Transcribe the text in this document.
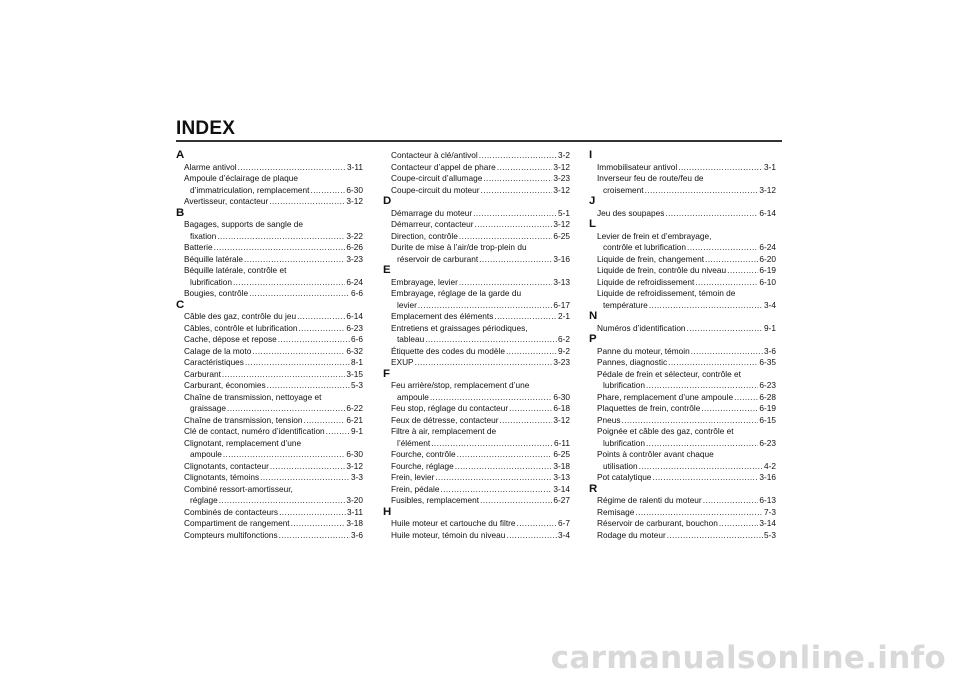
INDEX
A
Alarme antivol .....	3-11
Ampoule d’éclairage de plaque
d’immatriculation, remplacement .....	6-30
Avertisseur, contacteur .....	3-12
B
Bagages, supports de sangle de
fixation .....	3-22
Batterie .....	6-26
Béquille latérale .....	3-23
Béquille latérale, contrôle et
lubrification .....	6-24
Bougies, contrôle .....	6-6
C
Câble des gaz, contrôle du jeu .....	6-14
Câbles, contrôle et lubrification .....	6-23
Cache, dépose et repose .....	6-6
Calage de la moto .....	6-32
Caractéristiques .....	8-1
Carburant .....	3-15
Carburant, économies .....	5-3
Chaîne de transmission, nettoyage et
graissage .....	6-22
Chaîne de transmission, tension .....	6-21
Clé de contact, numéro d’identification .....	9-1
Clignotant, remplacement d’une
ampoule .....	6-30
Clignotants, contacteur .....	3-12
Clignotants, témoins .....	3-3
Combiné ressort-amortisseur,
réglage .....	3-20
Combinés de contacteurs .....	3-11
Compartiment de rangement .....	3-18
Compteurs multifonctions .....	3-6
Contacteur à clé/antivol .....	3-2
Contacteur d’appel de phare .....	3-12
Coupe-circuit d’allumage .....	3-23
Coupe-circuit du moteur .....	3-12
D
Démarrage du moteur .....	5-1
Démarreur, contacteur .....	3-12
Direction, contrôle .....	6-25
Durite de mise à l’air/de trop-plein du
réservoir de carburant .....	3-16
E
Embrayage, levier .....	3-13
Embrayage, réglage de la garde du
levier .....	6-17
Emplacement des éléments .....	2-1
Entretiens et graissages périodiques,
tableau .....	6-2
Étiquette des codes du modèle .....	9-2
EXUP .....	3-23
F
Feu arrière/stop, remplacement d’une
ampoule .....	6-30
Feu stop, réglage du contacteur .....	6-18
Feux de détresse, contacteur .....	3-12
Filtre à air, remplacement de
l’élément .....	6-11
Fourche, contrôle .....	6-25
Fourche, réglage .....	3-18
Frein, levier .....	3-13
Frein, pédale .....	3-14
Fusibles, remplacement .....	6-27
H
Huile moteur et cartouche du filtre .....	6-7
Huile moteur, témoin du niveau .....	3-4
I
Immobilisateur antivol .....	3-1
Inverseur feu de route/feu de
croisement .....	3-12
J
Jeu des soupapes .....	6-14
L
Levier de frein et d’embrayage,
contrôle et lubrification .....	6-24
Liquide de frein, changement .....	6-20
Liquide de frein, contrôle du niveau .....	6-19
Liquide de refroidissement .....	6-10
Liquide de refroidissement, témoin de
température .....	3-4
N
Numéros d’identification .....	9-1
P
Panne du moteur, témoin .....	3-6
Pannes, diagnostic .....	6-35
Pédale de frein et sélecteur, contrôle et
lubrification .....	6-23
Phare, remplacement d’une ampoule .....	6-28
Plaquettes de frein, contrôle .....	6-19
Pneus .....	6-15
Poignée et câble des gaz, contrôle et
lubrification .....	6-23
Points à contrôler avant chaque
utilisation .....	4-2
Pot catalytique .....	3-16
R
Régime de ralenti du moteur .....	6-13
Remisage .....	7-3
Réservoir de carburant, bouchon .....	3-14
Rodage du moteur .....	5-3
carmanualsonline.info
